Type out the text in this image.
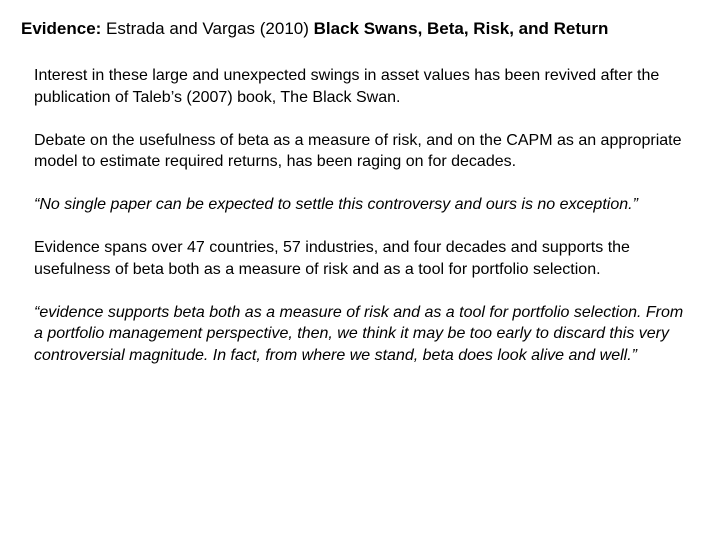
Evidence: Estrada and Vargas (2010) Black Swans, Beta, Risk, and Return

Interest in these large and unexpected swings in asset values has been revived after the publication of Taleb’s (2007) book, The Black Swan.

Debate on the usefulness of beta as a measure of risk, and on the CAPM as an appropriate model to estimate required returns, has been raging on for decades.

“No single paper can be expected to settle this controversy and ours is no exception.”

Evidence spans over 47 countries, 57 industries, and four decades and supports the usefulness of beta both as a measure of risk and as a tool for portfolio selection.

“evidence supports beta both as a measure of risk and as a tool for portfolio selection. From a portfolio management perspective, then, we think it may be too early to discard this very controversial magnitude. In fact, from where we stand, beta does look alive and well.”
